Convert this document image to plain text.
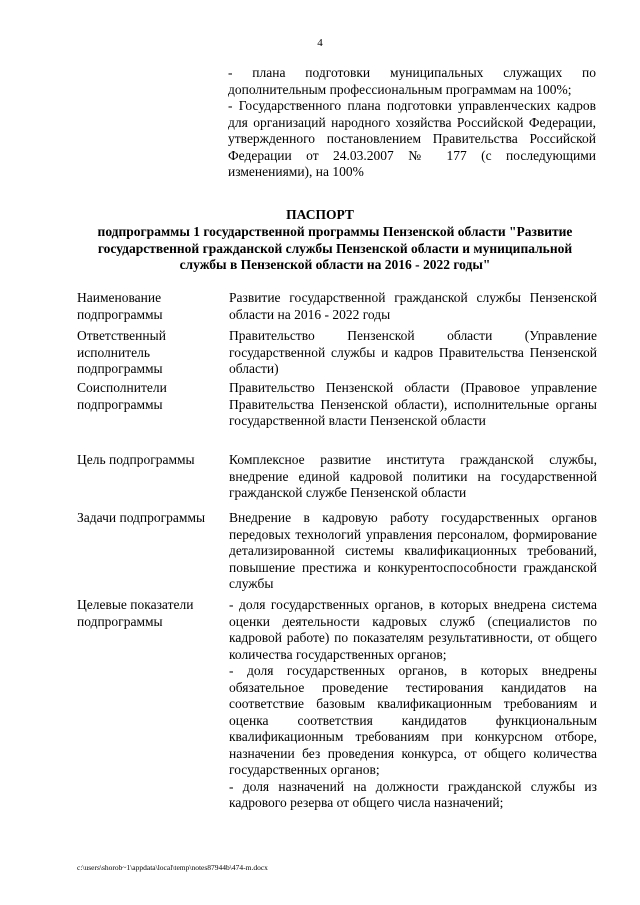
4

- плана подготовки муниципальных служащих по дополнительным профессиональным программам на 100%;

- Государственного плана подготовки управленческих кадров для организаций народного хозяйства Российской Федерации, утвержденного постановлением Правительства Российской Федерации от 24.03.2007 № 177 (с последующими изменениями), на 100%

ПАСПОРТ
подпрограммы 1 государственной программы Пензенской области "Развитие государственной гражданской службы Пензенской области и муниципальной службы в Пензенской области на 2016 - 2022 годы"
Наименование подпрограммы

Развитие государственной гражданской службы Пензенской области на 2016 - 2022 годы

Ответственный исполнитель подпрограммы

Правительство Пензенской области (Управление государственной службы и кадров Правительства Пензенской области)

Соисполнители подпрограммы

Правительство Пензенской области (Правовое управление Правительства Пензенской области), исполнительные органы государственной власти Пензенской области

Цель подпрограммы	Комплексное развитие института гражданской службы, внедрение единой кадровой политики на государственной гражданской службе Пензенской области

Задачи подпрограммы	Внедрение в кадровую работу государственных органов передовых технологий управления персоналом, формирование детализированной системы квалификационных требований, повышение престижа и конкурентоспособности гражданской службы

Целевые показатели подпрограммы

- доля государственных органов, в которых внедрена система оценки деятельности кадровых служб (специалистов по кадровой работе) по показателям результативности, от общего количества государственных органов;

- доля государственных органов, в которых внедрены обязательное проведение тестирования кандидатов на соответствие базовым квалификационным требованиям и оценка соответствия кандидатов функциональным квалификационным требованиям при конкурсном отборе, назначении без проведения конкурса, от общего количества государственных органов;

- доля назначений на должности гражданской службы из кадрового резерва от общего числа назначений;

c:\users\shorob~1\appdata\local\temp\notes87944b\474-m.docx
